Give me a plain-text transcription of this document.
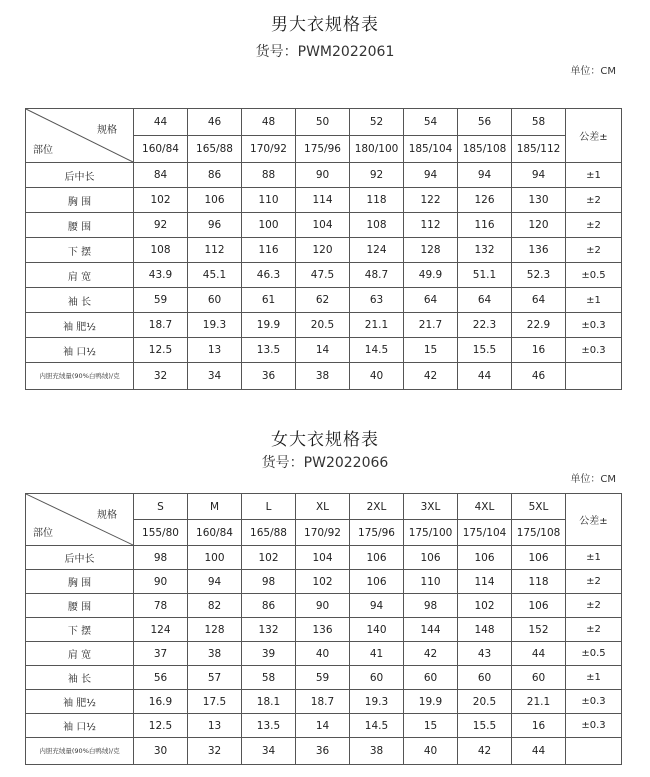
男大衣规格表
货号：PWM2022061
单位：CM
规格
部位	44	46	48	50	52	54	56	58	公差±
	160/84	165/88	170/92	175/96	180/100	185/104	185/108	185/112	
后中长	84	86	88	90	92	94	94	94	±1
胸 围	102	106	110	114	118	122	126	130	±2
腰 围	92	96	100	104	108	112	116	120	±2
下 摆	108	112	116	120	124	128	132	136	±2
肩 宽	43.9	45.1	46.3	47.5	48.7	49.9	51.1	52.3	±0.5
袖 长	59	60	61	62	63	64	64	64	±1
袖 肥½	18.7	19.3	19.9	20.5	21.1	21.7	22.3	22.9	±0.3
袖 口½	12.5	13	13.5	14	14.5	15	15.5	16	±0.3
内胆充绒量(90%白鸭绒)/克	32	34	36	38	40	42	44	46	
女大衣规格表
货号：PW2022066
单位：CM
规格
部位	S	M	L	XL	2XL	3XL	4XL	5XL	公差±
	155/80	160/84	165/88	170/92	175/96	175/100	175/104	175/108	
后中长	98	100	102	104	106	106	106	106	±1
胸 围	90	94	98	102	106	110	114	118	±2
腰 围	78	82	86	90	94	98	102	106	±2
下 摆	124	128	132	136	140	144	148	152	±2
肩 宽	37	38	39	40	41	42	43	44	±0.5
袖 长	56	57	58	59	60	60	60	60	±1
袖 肥½	16.9	17.5	18.1	18.7	19.3	19.9	20.5	21.1	±0.3
袖 口½	12.5	13	13.5	14	14.5	15	15.5	16	±0.3
内胆充绒量(90%白鸭绒)/克	30	32	34	36	38	40	42	44	
